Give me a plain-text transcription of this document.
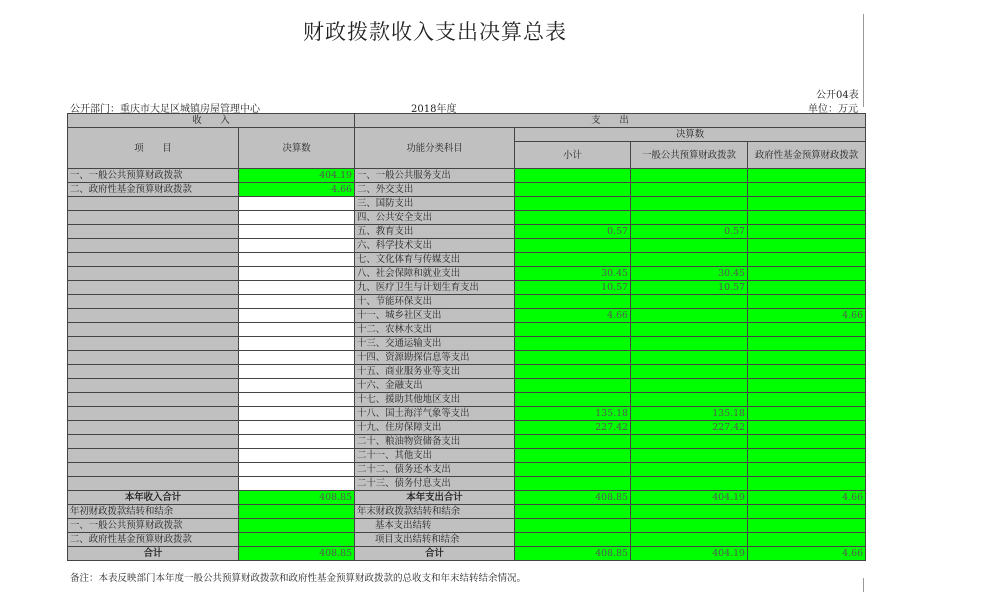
财政拨款收入支出决算总表
公开04表
公开部门：重庆市大足区城镇房屋管理中心	2018年度	单位：万元
收　　入		支　　出			
项　　目	决算数	功能分类科目	决算数		
			小计	一般公共预算财政拨款	政府性基金预算财政拨款

一、一般公共预算财政拨款	404.19	一、一般公共服务支出			
二、政府性基金预算财政拨款	4.66	二、外交支出			
		三、国防支出			
		四、公共安全支出			
		五、教育支出	0.57	0.57	
		六、科学技术支出			
		七、文化体育与传媒支出			
		八、社会保障和就业支出	30.45	30.45	
		九、医疗卫生与计划生育支出	10.57	10.57	
		十、节能环保支出			
		十一、城乡社区支出	4.66		4.66
		十二、农林水支出			
		十三、交通运输支出			
		十四、资源勘探信息等支出			
		十五、商业服务业等支出			
		十六、金融支出			
		十七、援助其他地区支出			
		十八、国土海洋气象等支出	135.18	135.18	
		十九、住房保障支出	227.42	227.42	
		二十、粮油物资储备支出			
		二十一、其他支出			
		二十二、债务还本支出			
		二十三、债务付息支出			
本年收入合计	408.85	本年支出合计	408.85	404.19	4.66
年初财政拨款结转和结余		年末财政拨款结转和结余			
一、一般公共预算财政拨款		基本支出结转			
二、政府性基金预算财政拨款		项目支出结转和结余			
合计	408.85	合计	408.85	404.19	4.66
备注：本表反映部门本年度一般公共预算财政拨款和政府性基金预算财政拨款的总收支和年末结转结余情况。
